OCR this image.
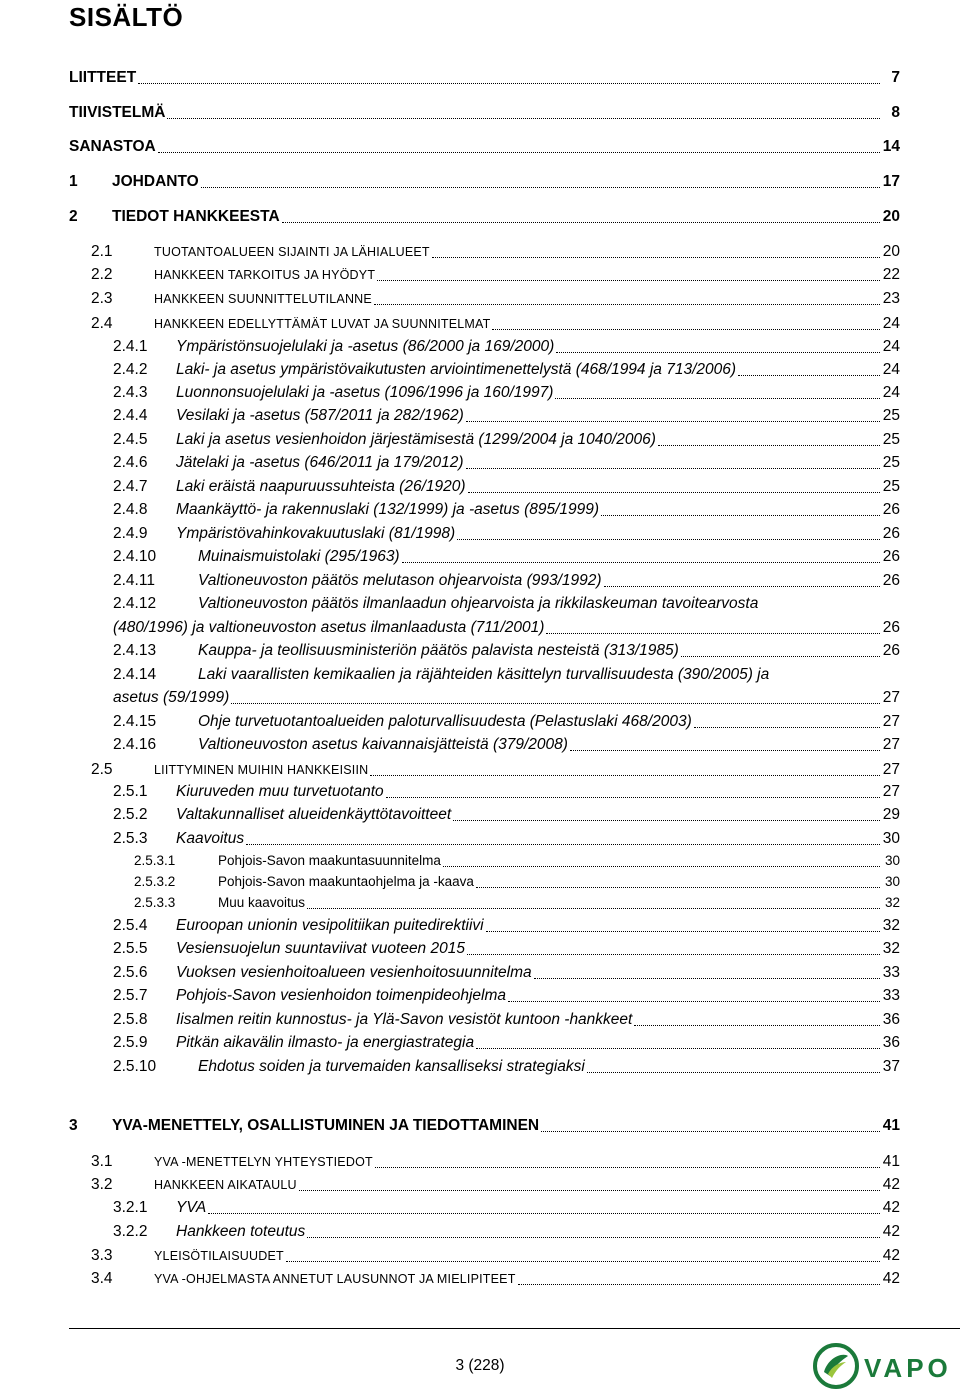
SISÄLTÖ
LIITTEET	7
TIIVISTELMÄ	8
SANASTOA	14
1	JOHDANTO	17
2	TIEDOT HANKKEESTA	20
2.1	TUOTANTOALUEEN SIJAINTI JA LÄHIALUEET	20
2.2	HANKKEEN TARKOITUS JA HYÖDYT	22
2.3	HANKKEEN SUUNNITTELUTILANNE	23
2.4	HANKKEEN EDELLYTTÄMÄT LUVAT JA SUUNNITELMAT	24
2.4.1	Ympäristönsuojelulaki ja -asetus (86/2000 ja 169/2000)	24
2.4.2	Laki- ja asetus ympäristövaikutusten arviointimenettelystä (468/1994 ja 713/2006)	24
2.4.3	Luonnonsuojelulaki ja -asetus (1096/1996 ja 160/1997)	24
2.4.4	Vesilaki ja -asetus (587/2011 ja 282/1962)	25
2.4.5	Laki ja asetus vesienhoidon järjestämisestä (1299/2004 ja 1040/2006)	25
2.4.6	Jätelaki ja -asetus (646/2011 ja 179/2012)	25
2.4.7	Laki eräistä naapuruussuhteista (26/1920)	25
2.4.8	Maankäyttö- ja rakennuslaki (132/1999) ja -asetus (895/1999)	26
2.4.9	Ympäristövahinkovakuutuslaki (81/1998)	26
2.4.10	Muinaismuistolaki (295/1963)	26
2.4.11	Valtioneuvoston päätös melutason ohjearvoista (993/1992)	26
2.4.12	Valtioneuvoston päätös ilmanlaadun ohjearvoista ja rikkilaskeuman tavoitearvosta
(480/1996) ja valtioneuvoston asetus ilmanlaadusta (711/2001)	26
2.4.13	Kauppa- ja teollisuusministeriön päätös palavista nesteistä (313/1985)	26
2.4.14	Laki vaarallisten kemikaalien ja räjähteiden käsittelyn turvallisuudesta (390/2005) ja
asetus (59/1999)	27
2.4.15	Ohje turvetuotantoalueiden paloturvallisuudesta (Pelastuslaki 468/2003)	27
2.4.16	Valtioneuvoston asetus kaivannaisjätteistä (379/2008)	27
2.5	LIITTYMINEN MUIHIN HANKKEISIIN	27
2.5.1	Kiuruveden muu turvetuotanto	27
2.5.2	Valtakunnalliset alueidenkäyttötavoitteet	29
2.5.3	Kaavoitus	30
2.5.3.1	Pohjois-Savon maakuntasuunnitelma	30
2.5.3.2	Pohjois-Savon maakuntaohjelma ja -kaava	30
2.5.3.3	Muu kaavoitus	32
2.5.4	Euroopan unionin vesipolitiikan puitedirektiivi	32
2.5.5	Vesiensuojelun suuntaviivat vuoteen 2015	32
2.5.6	Vuoksen vesienhoitoalueen vesienhoitosuunnitelma	33
2.5.7	Pohjois-Savon vesienhoidon toimenpideohjelma	33
2.5.8	Iisalmen reitin kunnostus- ja Ylä-Savon vesistöt kuntoon -hankkeet	36
2.5.9	Pitkän aikavälin ilmasto- ja energiastrategia	36
2.5.10	Ehdotus soiden ja turvemaiden kansalliseksi strategiaksi	37
3	YVA-MENETTELY, OSALLISTUMINEN JA TIEDOTTAMINEN	41
3.1	YVA -MENETTELYN YHTEYSTIEDOT	41
3.2	HANKKEEN AIKATAULU	42
3.2.1	YVA	42
3.2.2	Hankkeen toteutus	42
3.3	YLEISÖTILAISUUDET	42
3.4	YVA -OHJELMASTA ANNETUT LAUSUNNOT JA MIELIPITEET	42
3 (228)	VAPO
